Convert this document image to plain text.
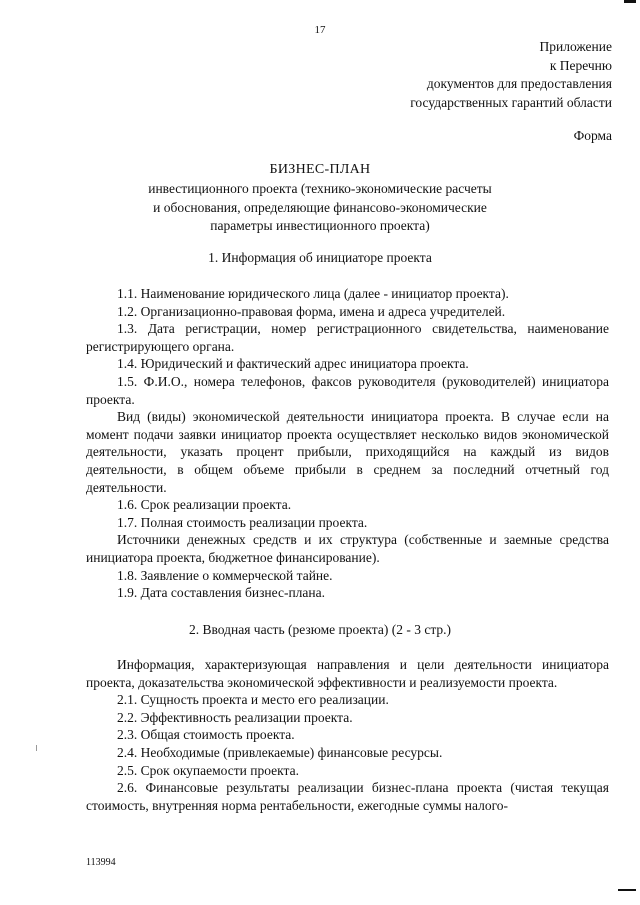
17
Приложение
к Перечню
документов для предоставления
государственных гарантий области
Форма
БИЗНЕС-ПЛАН
инвестиционного проекта (технико-экономические расчеты
и обоснования, определяющие финансово-экономические
параметры инвестиционного проекта)
1. Информация об инициаторе проекта

1.1. Наименование юридического лица (далее - инициатор проекта).

1.2. Организационно-правовая форма, имена и адреса учредителей.

1.3. Дата регистрации, номер регистрационного свидетельства, наименование регистрирующего органа.

1.4. Юридический и фактический адрес инициатора проекта.

1.5. Ф.И.О., номера телефонов, факсов руководителя (руководителей) инициатора проекта.

Вид (виды) экономической деятельности инициатора проекта. В случае если на момент подачи заявки инициатор проекта осуществляет несколько видов экономической деятельности, указать процент прибыли, приходящийся на каждый из видов деятельности, в общем объеме прибыли в среднем за последний отчетный год деятельности.

1.6. Срок реализации проекта.

1.7. Полная стоимость реализации проекта.

Источники денежных средств и их структура (собственные и заемные средства инициатора проекта, бюджетное финансирование).

1.8. Заявление о коммерческой тайне.

1.9. Дата составления бизнес-плана.

2. Вводная часть (резюме проекта) (2 - 3 стр.)

Информация, характеризующая направления и цели деятельности инициатора проекта, доказательства экономической эффективности и реализуемости проекта.

2.1. Сущность проекта и место его реализации.

2.2. Эффективность реализации проекта.

2.3. Общая стоимость проекта.

2.4. Необходимые (привлекаемые) финансовые ресурсы.

2.5. Срок окупаемости проекта.

2.6. Финансовые результаты реализации бизнес-плана проекта (чистая текущая стоимость, внутренняя норма рентабельности, ежегодные суммы налого-

113994
